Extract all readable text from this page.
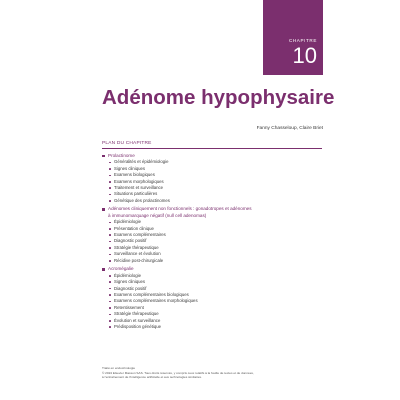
CHAPITRE
10
Adénome hypophysaire
Fanny Chasseloup, Claire Briet
PLAN DU CHAPITRE
Prolactinome
Généralités et épidémiologie
Signes cliniques
Examens biologiques
Examens morphologiques
Traitement et surveillance
Situations particulières
Génétique des prolactinomes
Adénomes cliniquement non fonctionnels : gonadotropes et adénomes
à immunomarquage négatif (null cell adenomas)
Épidémiologie
Présentation clinique
Examens complémentaires
Diagnostic positif
Stratégie thérapeutique
Surveillance et évolution
Récidive post-chirurgicale
Acromégalie
Épidémiologie
Signes cliniques
Diagnostic positif
Examens complémentaires biologiques
Examens complémentaires morphologiques
Retentissement
Stratégie thérapeutique
Évolution et surveillance
Prédisposition génétique
Traité en endocrinologie
© 2024 Elsevier Masson SAS. Tous droits réservés, y compris ceux relatifs à la fouille de textes et de données,
à l'entraînement de l'intelligence artificielle et aux technologies similaires.
